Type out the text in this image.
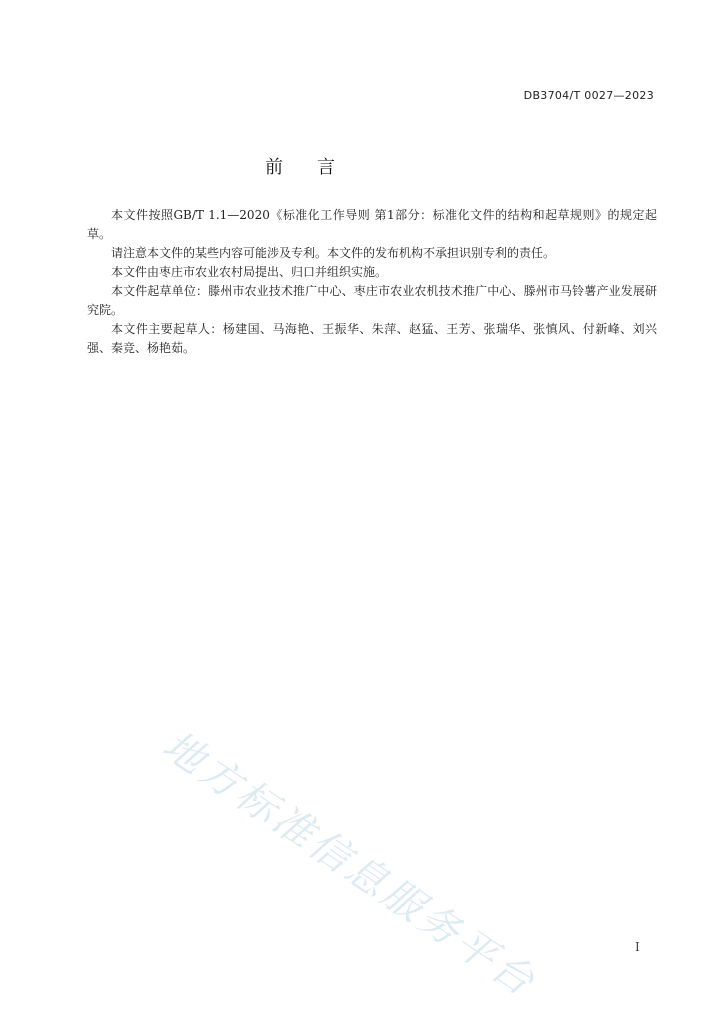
DB3704/T 0027—2023
前言

本文件按照GB/T 1.1—2020《标准化工作导则 第1部分：标准化文件的结构和起草规则》的规定起草。

请注意本文件的某些内容可能涉及专利。本文件的发布机构不承担识别专利的责任。

本文件由枣庄市农业农村局提出、归口并组织实施。

本文件起草单位：滕州市农业技术推广中心、枣庄市农业农机技术推广中心、滕州市马铃薯产业发展研究院。

本文件主要起草人：杨建国、马海艳、王振华、朱萍、赵猛、王芳、张瑞华、张慎风、付新峰、刘兴强、秦竞、杨艳茹。

地方标准信息服务平台	I
